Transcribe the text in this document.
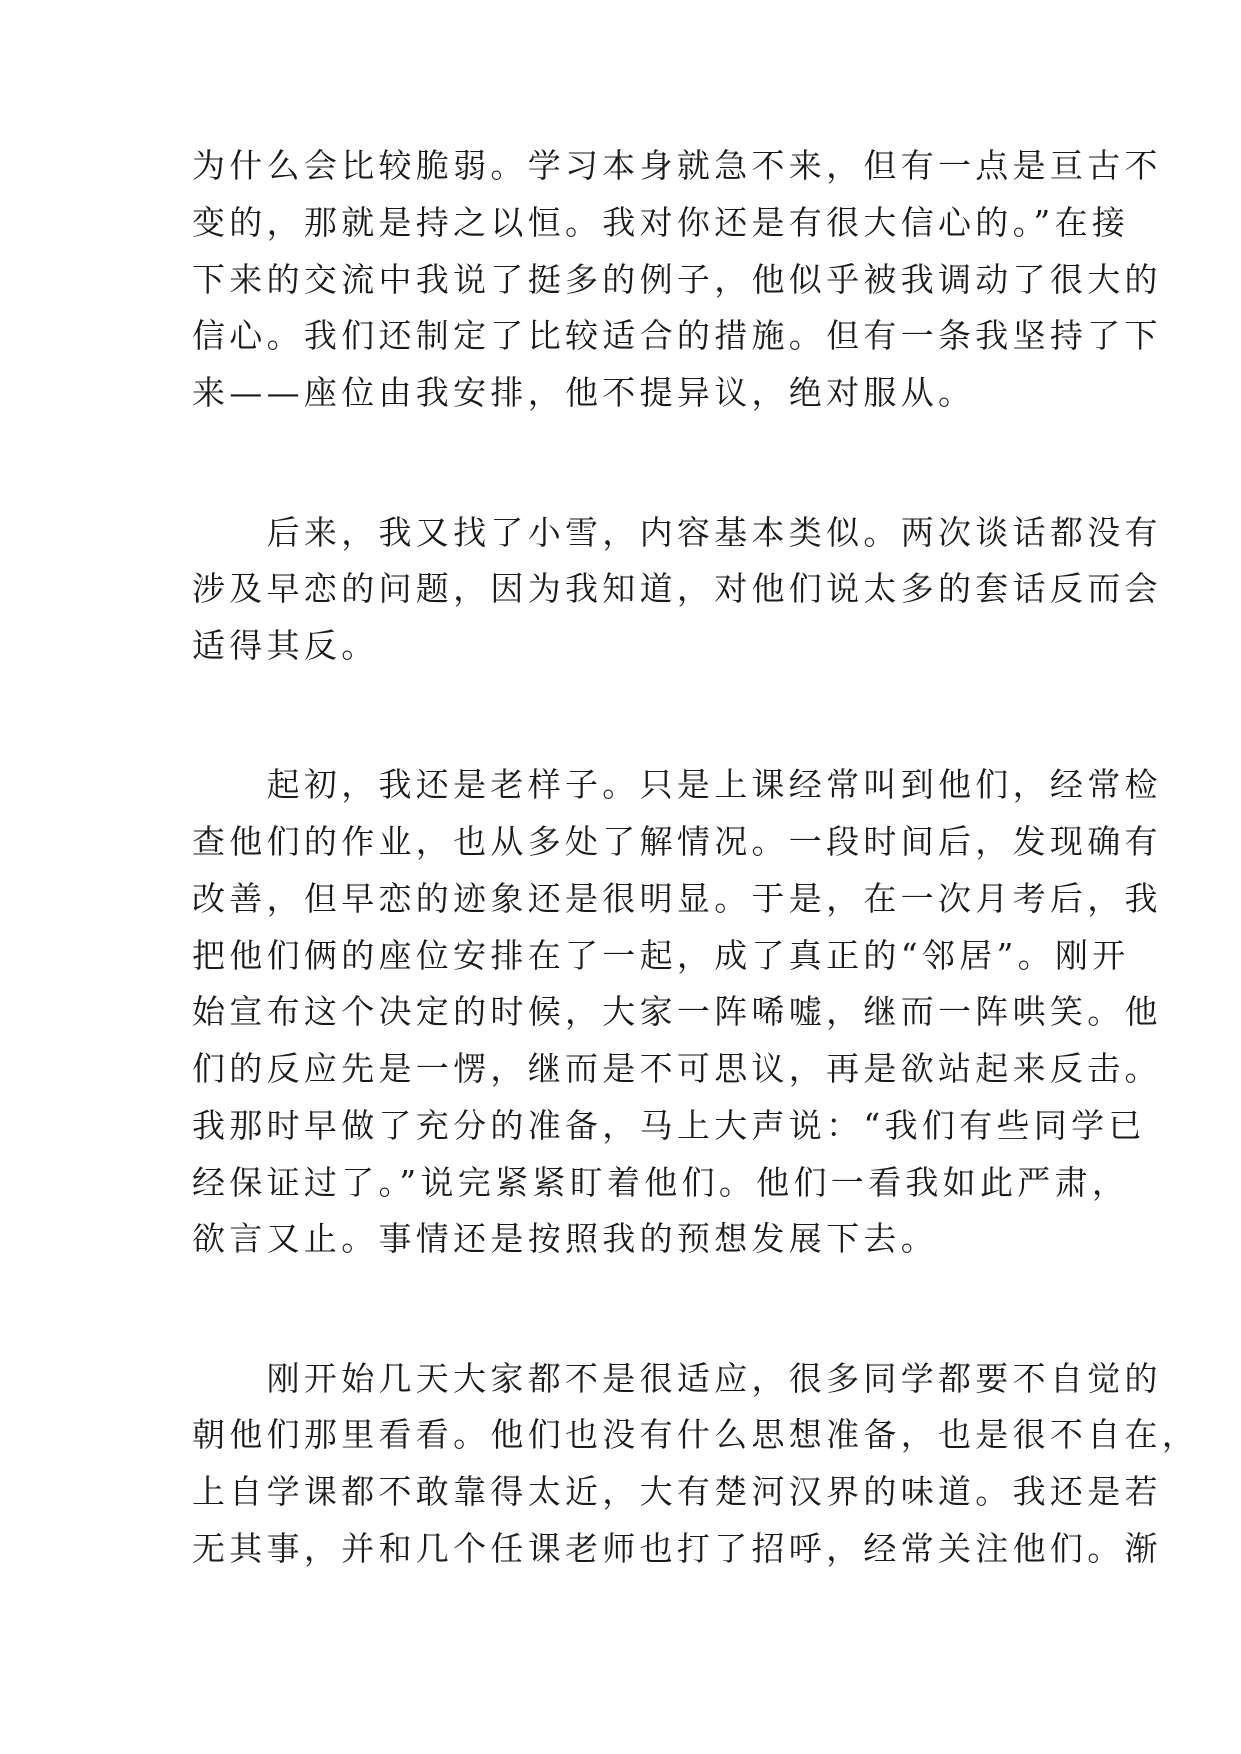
为什么会比较脆弱。学习本身就急不来，但有一点是亘古不

变的，那就是持之以恒。我对你还是有很大信心的。”在接

下来的交流中我说了挺多的例子，他似乎被我调动了很大的

信心。我们还制定了比较适合的措施。但有一条我坚持了下

来——座位由我安排，他不提异议，绝对服从。

　　后来，我又找了小雪，内容基本类似。两次谈话都没有

涉及早恋的问题，因为我知道，对他们说太多的套话反而会

适得其反。

　　起初，我还是老样子。只是上课经常叫到他们，经常检

查他们的作业，也从多处了解情况。一段时间后，发现确有

改善，但早恋的迹象还是很明显。于是，在一次月考后，我

把他们俩的座位安排在了一起，成了真正的“邻居”。刚开

始宣布这个决定的时候，大家一阵唏嘘，继而一阵哄笑。他

们的反应先是一愣，继而是不可思议，再是欲站起来反击。

我那时早做了充分的准备，马上大声说：“我们有些同学已

经保证过了。”说完紧紧盯着他们。他们一看我如此严肃，

欲言又止。事情还是按照我的预想发展下去。

　　刚开始几天大家都不是很适应，很多同学都要不自觉的

朝他们那里看看。他们也没有什么思想准备，也是很不自在，

上自学课都不敢靠得太近，大有楚河汉界的味道。我还是若

无其事，并和几个任课老师也打了招呼，经常关注他们。渐
